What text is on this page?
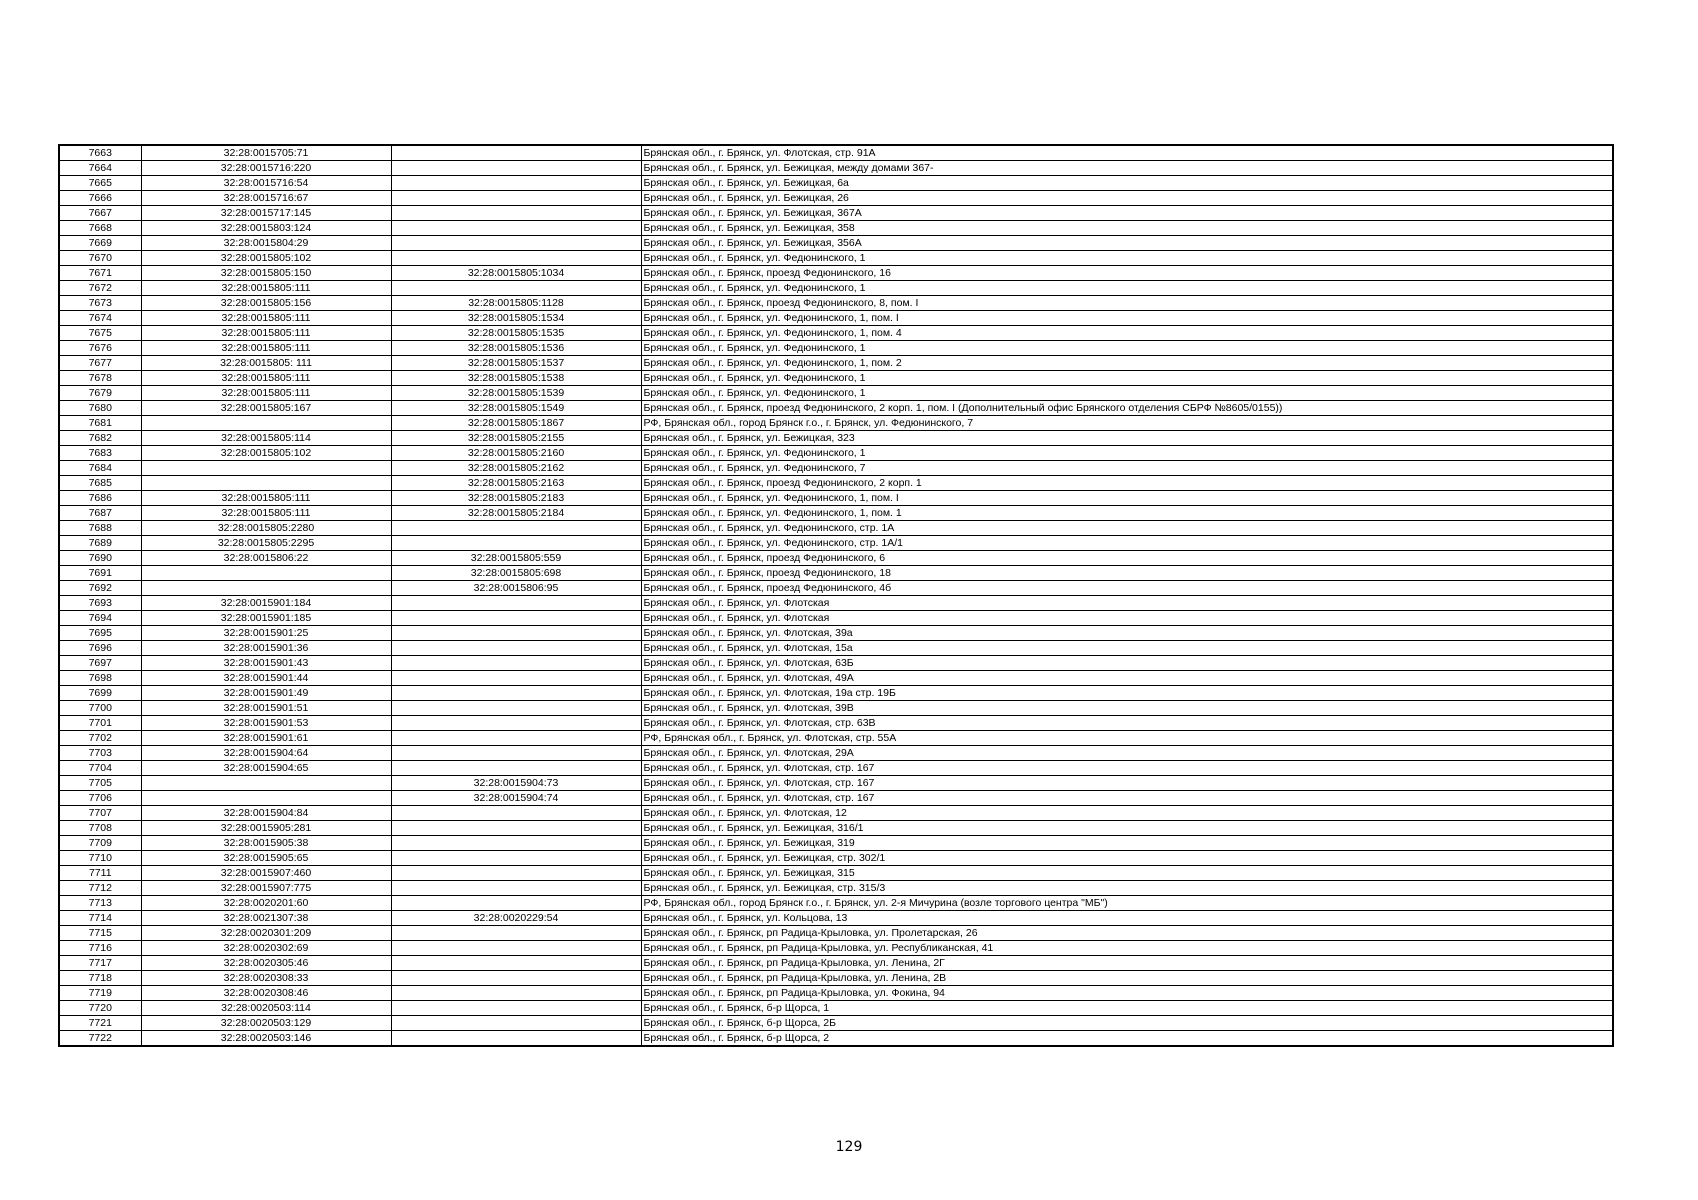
7663	32:28:0015705:71		Брянская обл., г. Брянск, ул. Флотская, стр. 91А
7664	32:28:0015716:220		Брянская обл., г. Брянск, ул. Бежицкая, между домами 367-
7665	32:28:0015716:54		Брянская обл., г. Брянск, ул. Бежицкая, 6а
7666	32:28:0015716:67		Брянская обл., г. Брянск, ул. Бежицкая, 26
7667	32:28:0015717:145		Брянская обл., г. Брянск, ул. Бежицкая, 367А
7668	32:28:0015803:124		Брянская обл., г. Брянск, ул. Бежицкая, 358
7669	32:28:0015804:29		Брянская обл., г. Брянск, ул. Бежицкая, 356А
7670	32:28:0015805:102		Брянская обл., г. Брянск, ул. Федюнинского, 1
7671	32:28:0015805:150	32:28:0015805:1034	Брянская обл., г. Брянск, проезд Федюнинского, 16
7672	32:28:0015805:111		Брянская обл., г. Брянск, ул. Федюнинского, 1
7673	32:28:0015805:156	32:28:0015805:1128	Брянская обл., г. Брянск, проезд Федюнинского, 8, пом. I
7674	32:28:0015805:111	32:28:0015805:1534	Брянская обл., г. Брянск, ул. Федюнинского, 1, пом. I
7675	32:28:0015805:111	32:28:0015805:1535	Брянская обл., г. Брянск, ул. Федюнинского, 1, пом. 4
7676	32:28:0015805:111	32:28:0015805:1536	Брянская обл., г. Брянск, ул. Федюнинского, 1
7677	32:28:0015805: 111	32:28:0015805:1537	Брянская обл., г. Брянск, ул. Федюнинского, 1, пом. 2
7678	32:28:0015805:111	32:28:0015805:1538	Брянская обл., г. Брянск, ул. Федюнинского, 1
7679	32:28:0015805:111	32:28:0015805:1539	Брянская обл., г. Брянск, ул. Федюнинского, 1
7680	32:28:0015805:167	32:28:0015805:1549	Брянская обл., г. Брянск, проезд Федюнинского, 2 корп. 1, пом. I (Дополнительный офис Брянского отделения СБРФ №8605/0155))
7681		32:28:0015805:1867	РФ, Брянская обл., город Брянск г.о., г. Брянск, ул. Федюнинского, 7
7682	32:28:0015805:114	32:28:0015805:2155	Брянская обл., г. Брянск, ул. Бежицкая, 323
7683	32:28:0015805:102	32:28:0015805:2160	Брянская обл., г. Брянск, ул. Федюнинского, 1
7684		32:28:0015805:2162	Брянская обл., г. Брянск, ул. Федюнинского, 7
7685		32:28:0015805:2163	Брянская обл., г. Брянск, проезд Федюнинского, 2 корп. 1
7686	32:28:0015805:111	32:28:0015805:2183	Брянская обл., г. Брянск, ул. Федюнинского, 1, пом. I
7687	32:28:0015805:111	32:28:0015805:2184	Брянская обл., г. Брянск, ул. Федюнинского, 1, пом. 1
7688	32:28:0015805:2280		Брянская обл., г. Брянск, ул. Федюнинского, стр. 1А
7689	32:28:0015805:2295		Брянская обл., г. Брянск, ул. Федюнинского, стр. 1А/1
7690	32:28:0015806:22	32:28:0015805:559	Брянская обл., г. Брянск, проезд Федюнинского, 6
7691		32:28:0015805:698	Брянская обл., г. Брянск, проезд Федюнинского, 18
7692		32:28:0015806:95	Брянская обл., г. Брянск, проезд Федюнинского, 4б
7693	32:28:0015901:184		Брянская обл., г. Брянск, ул. Флотская
7694	32:28:0015901:185		Брянская обл., г. Брянск, ул. Флотская
7695	32:28:0015901:25		Брянская обл., г. Брянск, ул. Флотская, 39а
7696	32:28:0015901:36		Брянская обл., г. Брянск, ул. Флотская, 15а
7697	32:28:0015901:43		Брянская обл., г. Брянск, ул. Флотская, 63Б
7698	32:28:0015901:44		Брянская обл., г. Брянск, ул. Флотская, 49А
7699	32:28:0015901:49		Брянская обл., г. Брянск, ул. Флотская, 19а стр. 19Б
7700	32:28:0015901:51		Брянская обл., г. Брянск, ул. Флотская, 39В
7701	32:28:0015901:53		Брянская обл., г. Брянск, ул. Флотская, стр. 63В
7702	32:28:0015901:61		РФ, Брянская обл., г. Брянск, ул. Флотская, стр. 55А
7703	32:28:0015904:64		Брянская обл., г. Брянск, ул. Флотская, 29А
7704	32:28:0015904:65		Брянская обл., г. Брянск, ул. Флотская, стр. 167
7705		32:28:0015904:73	Брянская обл., г. Брянск, ул. Флотская, стр. 167
7706		32:28:0015904:74	Брянская обл., г. Брянск, ул. Флотская, стр. 167
7707	32:28:0015904:84		Брянская обл., г. Брянск, ул. Флотская, 12
7708	32:28:0015905:281		Брянская обл., г. Брянск, ул. Бежицкая, 316/1
7709	32:28:0015905:38		Брянская обл., г. Брянск, ул. Бежицкая, 319
7710	32:28:0015905:65		Брянская обл., г. Брянск, ул. Бежицкая, стр. 302/1
7711	32:28:0015907:460		Брянская обл., г. Брянск, ул. Бежицкая, 315
7712	32:28:0015907:775		Брянская обл., г. Брянск, ул. Бежицкая, стр. 315/3
7713	32:28:0020201:60		РФ, Брянская обл., город Брянск г.о., г. Брянск, ул. 2-я Мичурина (возле торгового центра "МБ")
7714	32:28:0021307:38	32:28:0020229:54	Брянская обл., г. Брянск, ул. Кольцова, 13
7715	32:28:0020301:209		Брянская обл., г. Брянск, рп Радица-Крыловка, ул. Пролетарская, 26
7716	32:28:0020302:69		Брянская обл., г. Брянск, рп Радица-Крыловка, ул. Республиканская, 41
7717	32:28:0020305:46		Брянская обл., г. Брянск, рп Радица-Крыловка, ул. Ленина, 2Г
7718	32:28:0020308:33		Брянская обл., г. Брянск, рп Радица-Крыловка, ул. Ленина, 2В
7719	32:28:0020308:46		Брянская обл., г. Брянск, рп Радица-Крыловка, ул. Фокина, 94
7720	32:28:0020503:114		Брянская обл., г. Брянск, б-р Щорса, 1
7721	32:28:0020503:129		Брянская обл., г. Брянск, б-р Щорса, 2Б
7722	32:28:0020503:146		Брянская обл., г. Брянск, б-р Щорса, 2
129
